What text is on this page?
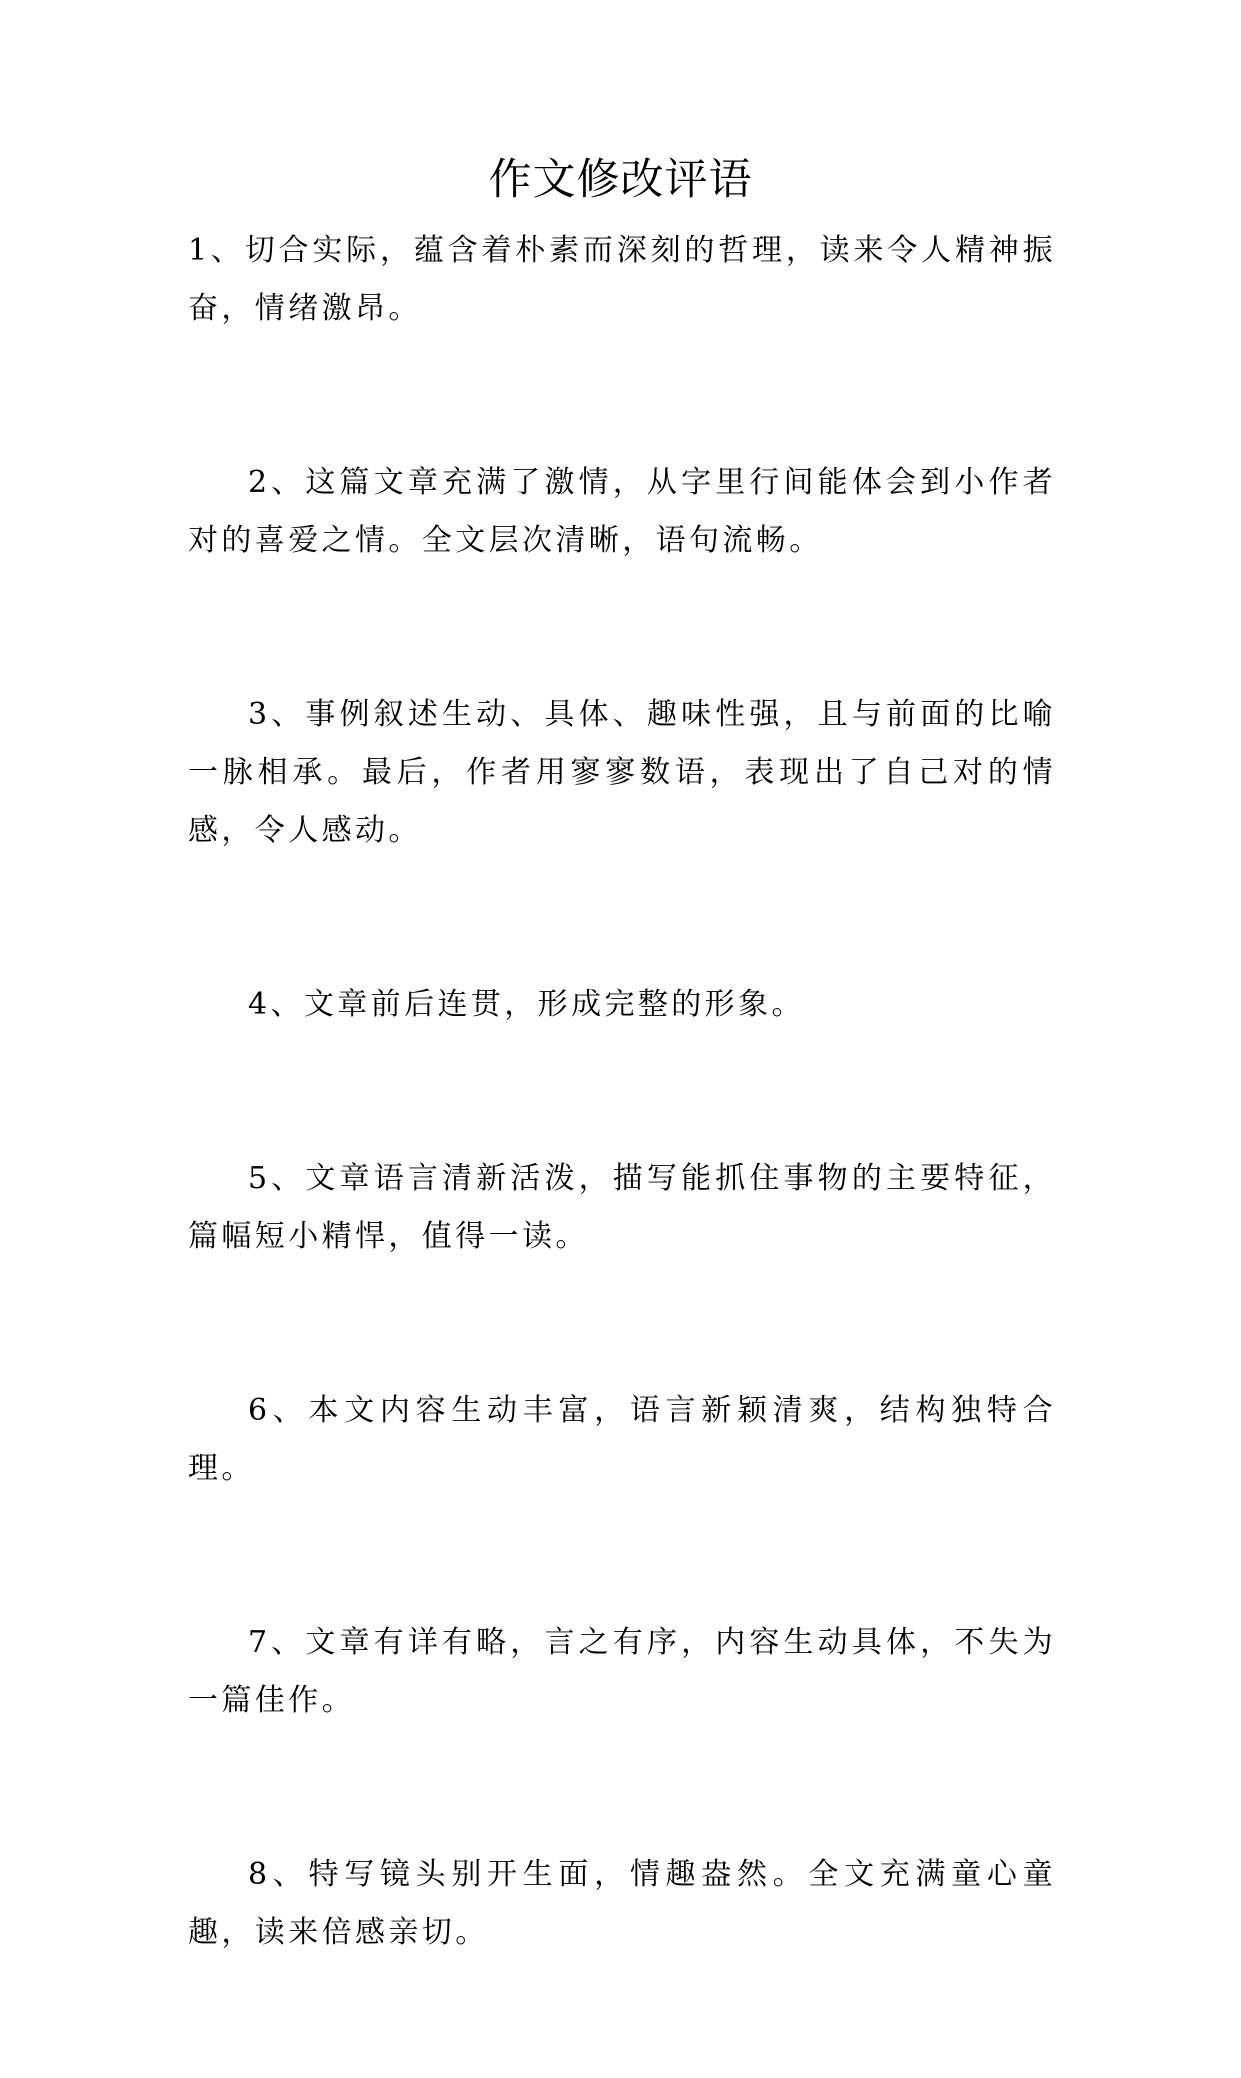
作文修改评语

1、切合实际，蕴含着朴素而深刻的哲理，读来令人精神振奋，情绪激昂。

2、这篇文章充满了激情，从字里行间能体会到小作者对的喜爱之情。全文层次清晰，语句流畅。

3、事例叙述生动、具体、趣味性强，且与前面的比喻一脉相承。最后，作者用寥寥数语，表现出了自己对的情感，令人感动。

4、文章前后连贯，形成完整的形象。

5、文章语言清新活泼，描写能抓住事物的主要特征，篇幅短小精悍，值得一读。

6、本文内容生动丰富，语言新颖清爽，结构独特合理。

7、文章有详有略，言之有序，内容生动具体，不失为一篇佳作。

8、特写镜头别开生面，情趣盎然。全文充满童心童趣，读来倍感亲切。
